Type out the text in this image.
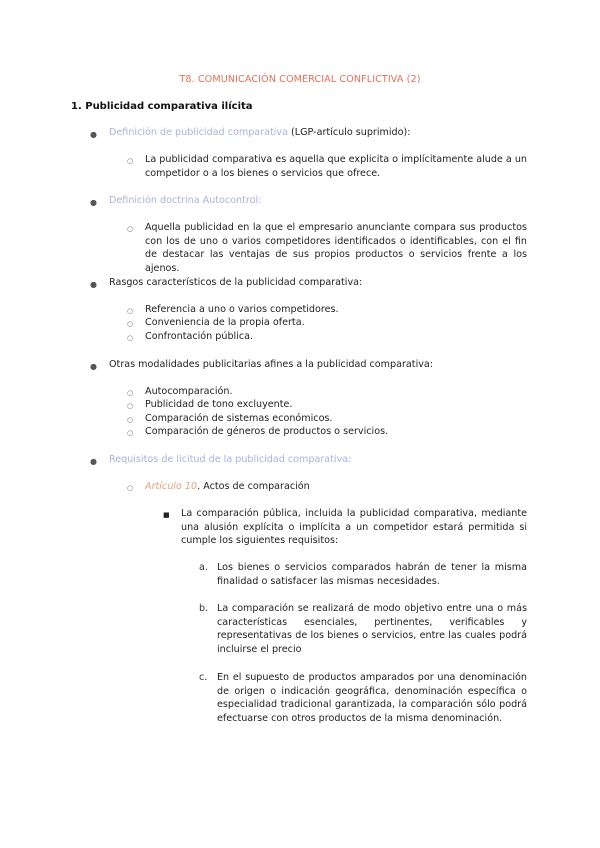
T8. COMUNICACIÓN COMERCIAL CONFLICTIVA (2)
1. Publicidad comparativa ilícita
● Definición de publicidad comparativa (LGP-artículo suprimido):
○ La publicidad comparativa es aquella que explicita o implícitamente alude a un competidor o a los bienes o servicios que ofrece.
● Definición doctrina Autocontrol:
○ Aquella publicidad en la que el empresario anunciante compara sus productos con los de uno o varios competidores identificados o identificables, con el fin de destacar las ventajas de sus propios productos o servicios frente a los ajenos.
● Rasgos característicos de la publicidad comparativa:
○ Referencia a uno o varios competidores.
○ Conveniencia de la propia oferta.
○ Confrontación pública.
● Otras modalidades publicitarias afines a la publicidad comparativa:
○ Autocomparación.
○ Publicidad de tono excluyente.
○ Comparación de sistemas económicos.
○ Comparación de géneros de productos o servicios.
● Requisitos de licitud de la publicidad comparativa:
○ Artículo 10. Actos de comparación
■ La comparación pública, incluida la publicidad comparativa, mediante una alusión explícita o implícita a un competidor estará permitida si cumple los siguientes requisitos:
a. Los bienes o servicios comparados habrán de tener la misma finalidad o satisfacer las mismas necesidades.
b. La comparación se realizará de modo objetivo entre una o más características esenciales, pertinentes, verificables y representativas de los bienes o servicios, entre las cuales podrá incluirse el precio
c. En el supuesto de productos amparados por una denominación de origen o indicación geográfica, denominación específica o especialidad tradicional garantizada, la comparación sólo podrá efectuarse con otros productos de la misma denominación.
